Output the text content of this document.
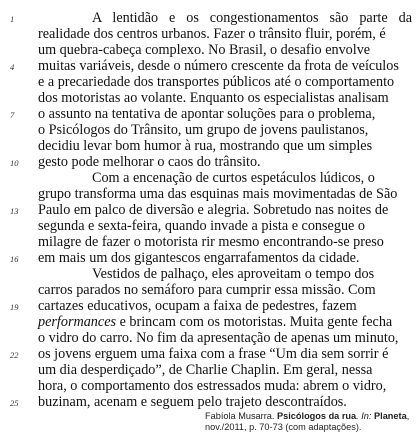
1
4
7
10
13
16
19
22
25
A lentidão e os congestionamentos são parte da
realidade dos centros urbanos. Fazer o trânsito fluir, porém, é
um quebra-cabeça complexo. No Brasil, o desafio envolve
muitas variáveis, desde o número crescente da frota de veículos
e a precariedade dos transportes públicos até o comportamento
dos motoristas ao volante. Enquanto os especialistas analisam
o assunto na tentativa de apontar soluções para o problema,
o Psicólogos do Trânsito, um grupo de jovens paulistanos,
decidiu levar bom humor à rua, mostrando que um simples
gesto pode melhorar o caos do trânsito.
Com a encenação de curtos espetáculos lúdicos, o
grupo transforma uma das esquinas mais movimentadas de São
Paulo em palco de diversão e alegria. Sobretudo nas noites de
segunda e sexta-feira, quando invade a pista e consegue o
milagre de fazer o motorista rir mesmo encontrando-se preso
em mais um dos gigantescos engarrafamentos da cidade.
Vestidos de palhaço, eles aproveitam o tempo dos
carros parados no semáforo para cumprir essa missão. Com
cartazes educativos, ocupam a faixa de pedestres, fazem
performances e brincam com os motoristas. Muita gente fecha
o vidro do carro. No fim da apresentação de apenas um minuto,
os jovens erguem uma faixa com a frase “Um dia sem sorrir é
um dia desperdiçado”, de Charlie Chaplin. Em geral, nessa
hora, o comportamento dos estressados muda: abrem o vidro,
buzinam, acenam e seguem pelo trajeto descontraídos.
Fabíola Musarra. Psicólogos da rua. In: Planeta,
nov./2011, p. 70-73 (com adaptações).
